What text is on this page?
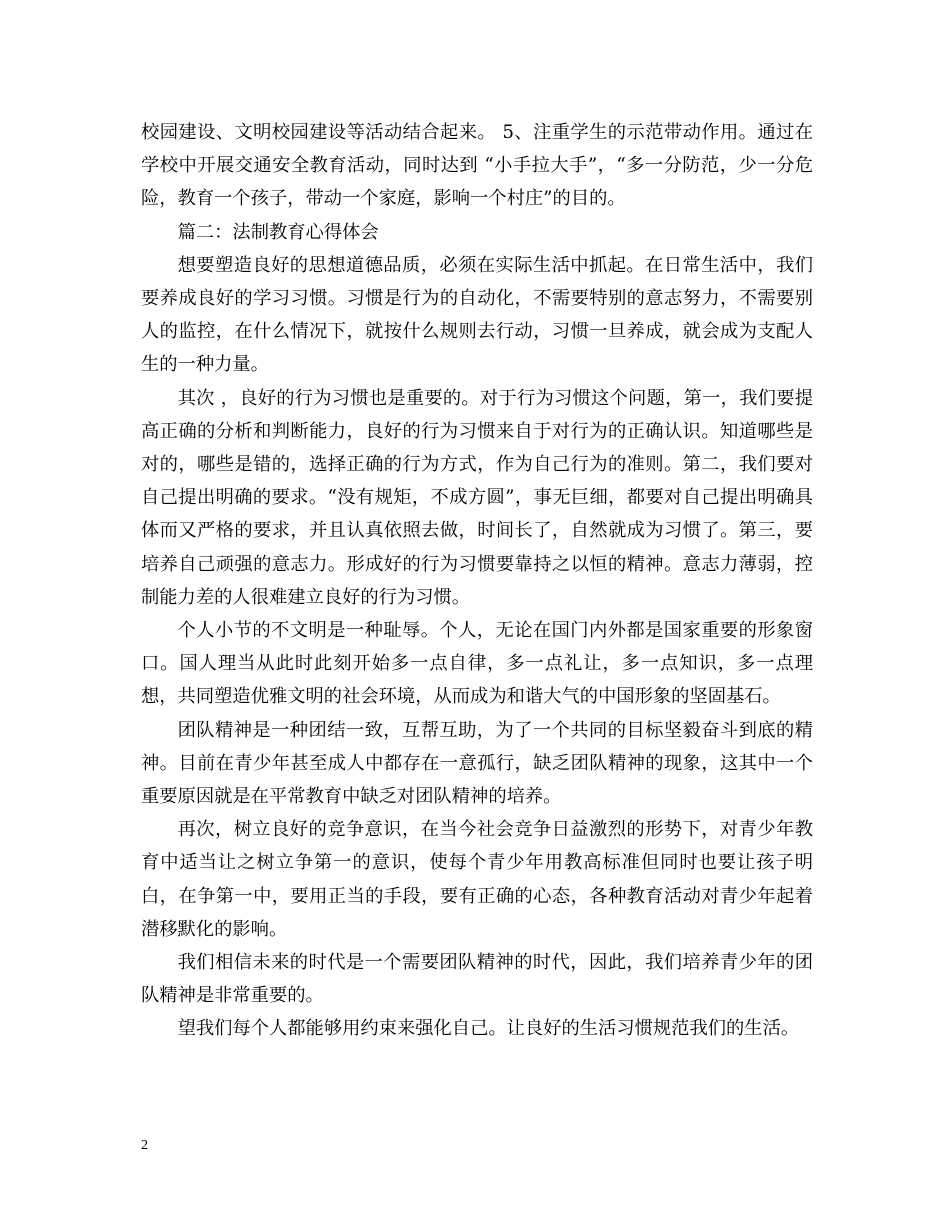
校园建设、文明校园建设等活动结合起来。 5、注重学生的示范带动作用。通过在学校中开展交通安全教育活动，同时达到 “小手拉大手”，“多一分防范，少一分危险，教育一个孩子，带动一个家庭，影响一个村庄”的目的。

篇二：法制教育心得体会

想要塑造良好的思想道德品质，必须在实际生活中抓起。在日常生活中，我们要养成良好的学习习惯。习惯是行为的自动化，不需要特别的意志努力，不需要别人的监控，在什么情况下，就按什么规则去行动，习惯一旦养成，就会成为支配人生的一种力量。

其次 ，良好的行为习惯也是重要的。对于行为习惯这个问题，第一，我们要提高正确的分析和判断能力，良好的行为习惯来自于对行为的正确认识。知道哪些是对的，哪些是错的，选择正确的行为方式，作为自己行为的准则。第二，我们要对自己提出明确的要求。“没有规矩，不成方圆”，事无巨细，都要对自己提出明确具体而又严格的要求，并且认真依照去做，时间长了，自然就成为习惯了。第三，要培养自己顽强的意志力。形成好的行为习惯要靠持之以恒的精神。意志力薄弱，控制能力差的人很难建立良好的行为习惯。

个人小节的不文明是一种耻辱。个人，无论在国门内外都是国家重要的形象窗口。国人理当从此时此刻开始多一点自律，多一点礼让，多一点知识，多一点理想，共同塑造优雅文明的社会环境，从而成为和谐大气的中国形象的坚固基石。

团队精神是一种团结一致，互帮互助，为了一个共同的目标坚毅奋斗到底的精神。目前在青少年甚至成人中都存在一意孤行，缺乏团队精神的现象，这其中一个重要原因就是在平常教育中缺乏对团队精神的培养。

再次，树立良好的竞争意识，在当今社会竞争日益激烈的形势下，对青少年教育中适当让之树立争第一的意识，使每个青少年用教高标准但同时也要让孩子明白，在争第一中，要用正当的手段，要有正确的心态，各种教育活动对青少年起着潜移默化的影响。

我们相信未来的时代是一个需要团队精神的时代，因此，我们培养青少年的团队精神是非常重要的。

望我们每个人都能够用约束来强化自己。让良好的生活习惯规范我们的生活。

2
